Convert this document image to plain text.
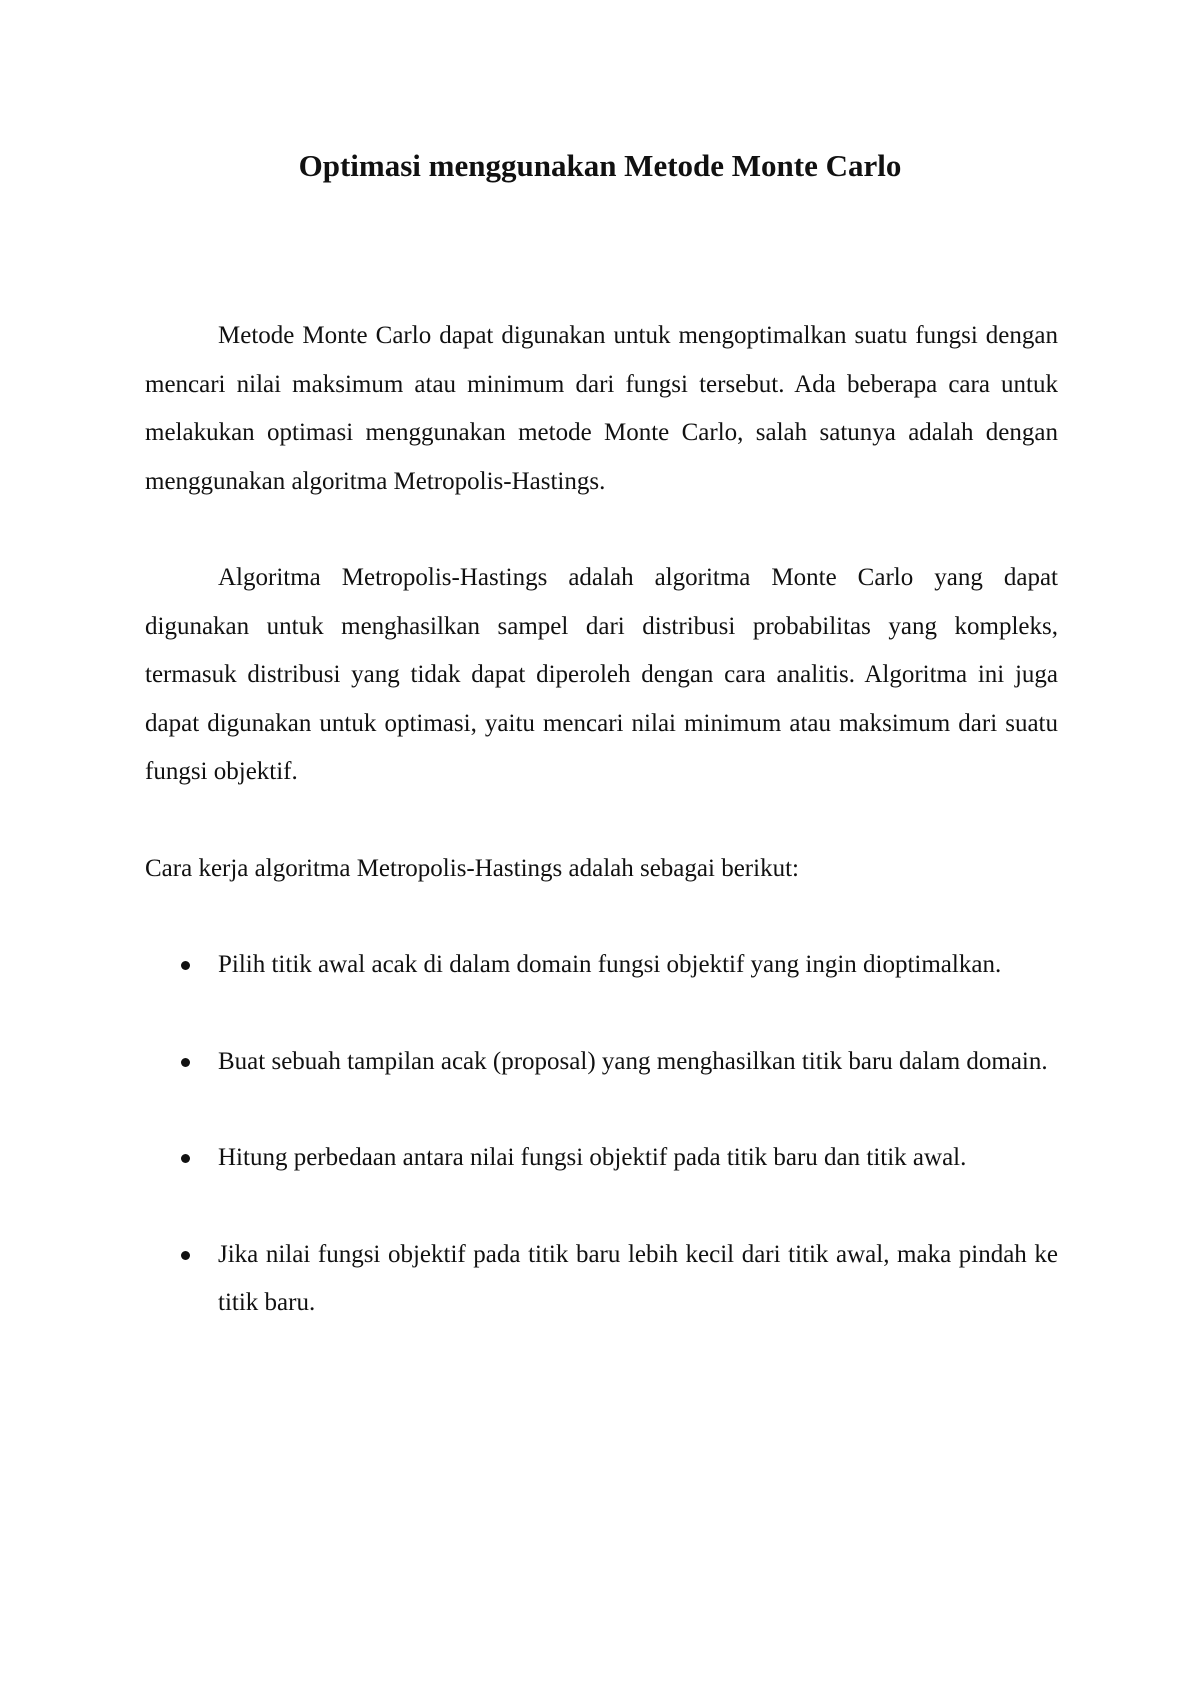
Optimasi menggunakan Metode Monte Carlo

Metode Monte Carlo dapat digunakan untuk mengoptimalkan suatu fungsi dengan mencari nilai maksimum atau minimum dari fungsi tersebut. Ada beberapa cara untuk melakukan optimasi menggunakan metode Monte Carlo, salah satunya adalah dengan menggunakan algoritma Metropolis-Hastings.

Algoritma Metropolis-Hastings adalah algoritma Monte Carlo yang dapat digunakan untuk menghasilkan sampel dari distribusi probabilitas yang kompleks, termasuk distribusi yang tidak dapat diperoleh dengan cara analitis. Algoritma ini juga dapat digunakan untuk optimasi, yaitu mencari nilai minimum atau maksimum dari suatu fungsi objektif.

Cara kerja algoritma Metropolis-Hastings adalah sebagai berikut:

Pilih titik awal acak di dalam domain fungsi objektif yang ingin dioptimalkan.
Buat sebuah tampilan acak (proposal) yang menghasilkan titik baru dalam domain.
Hitung perbedaan antara nilai fungsi objektif pada titik baru dan titik awal.
Jika nilai fungsi objektif pada titik baru lebih kecil dari titik awal, maka pindah ke titik baru.
